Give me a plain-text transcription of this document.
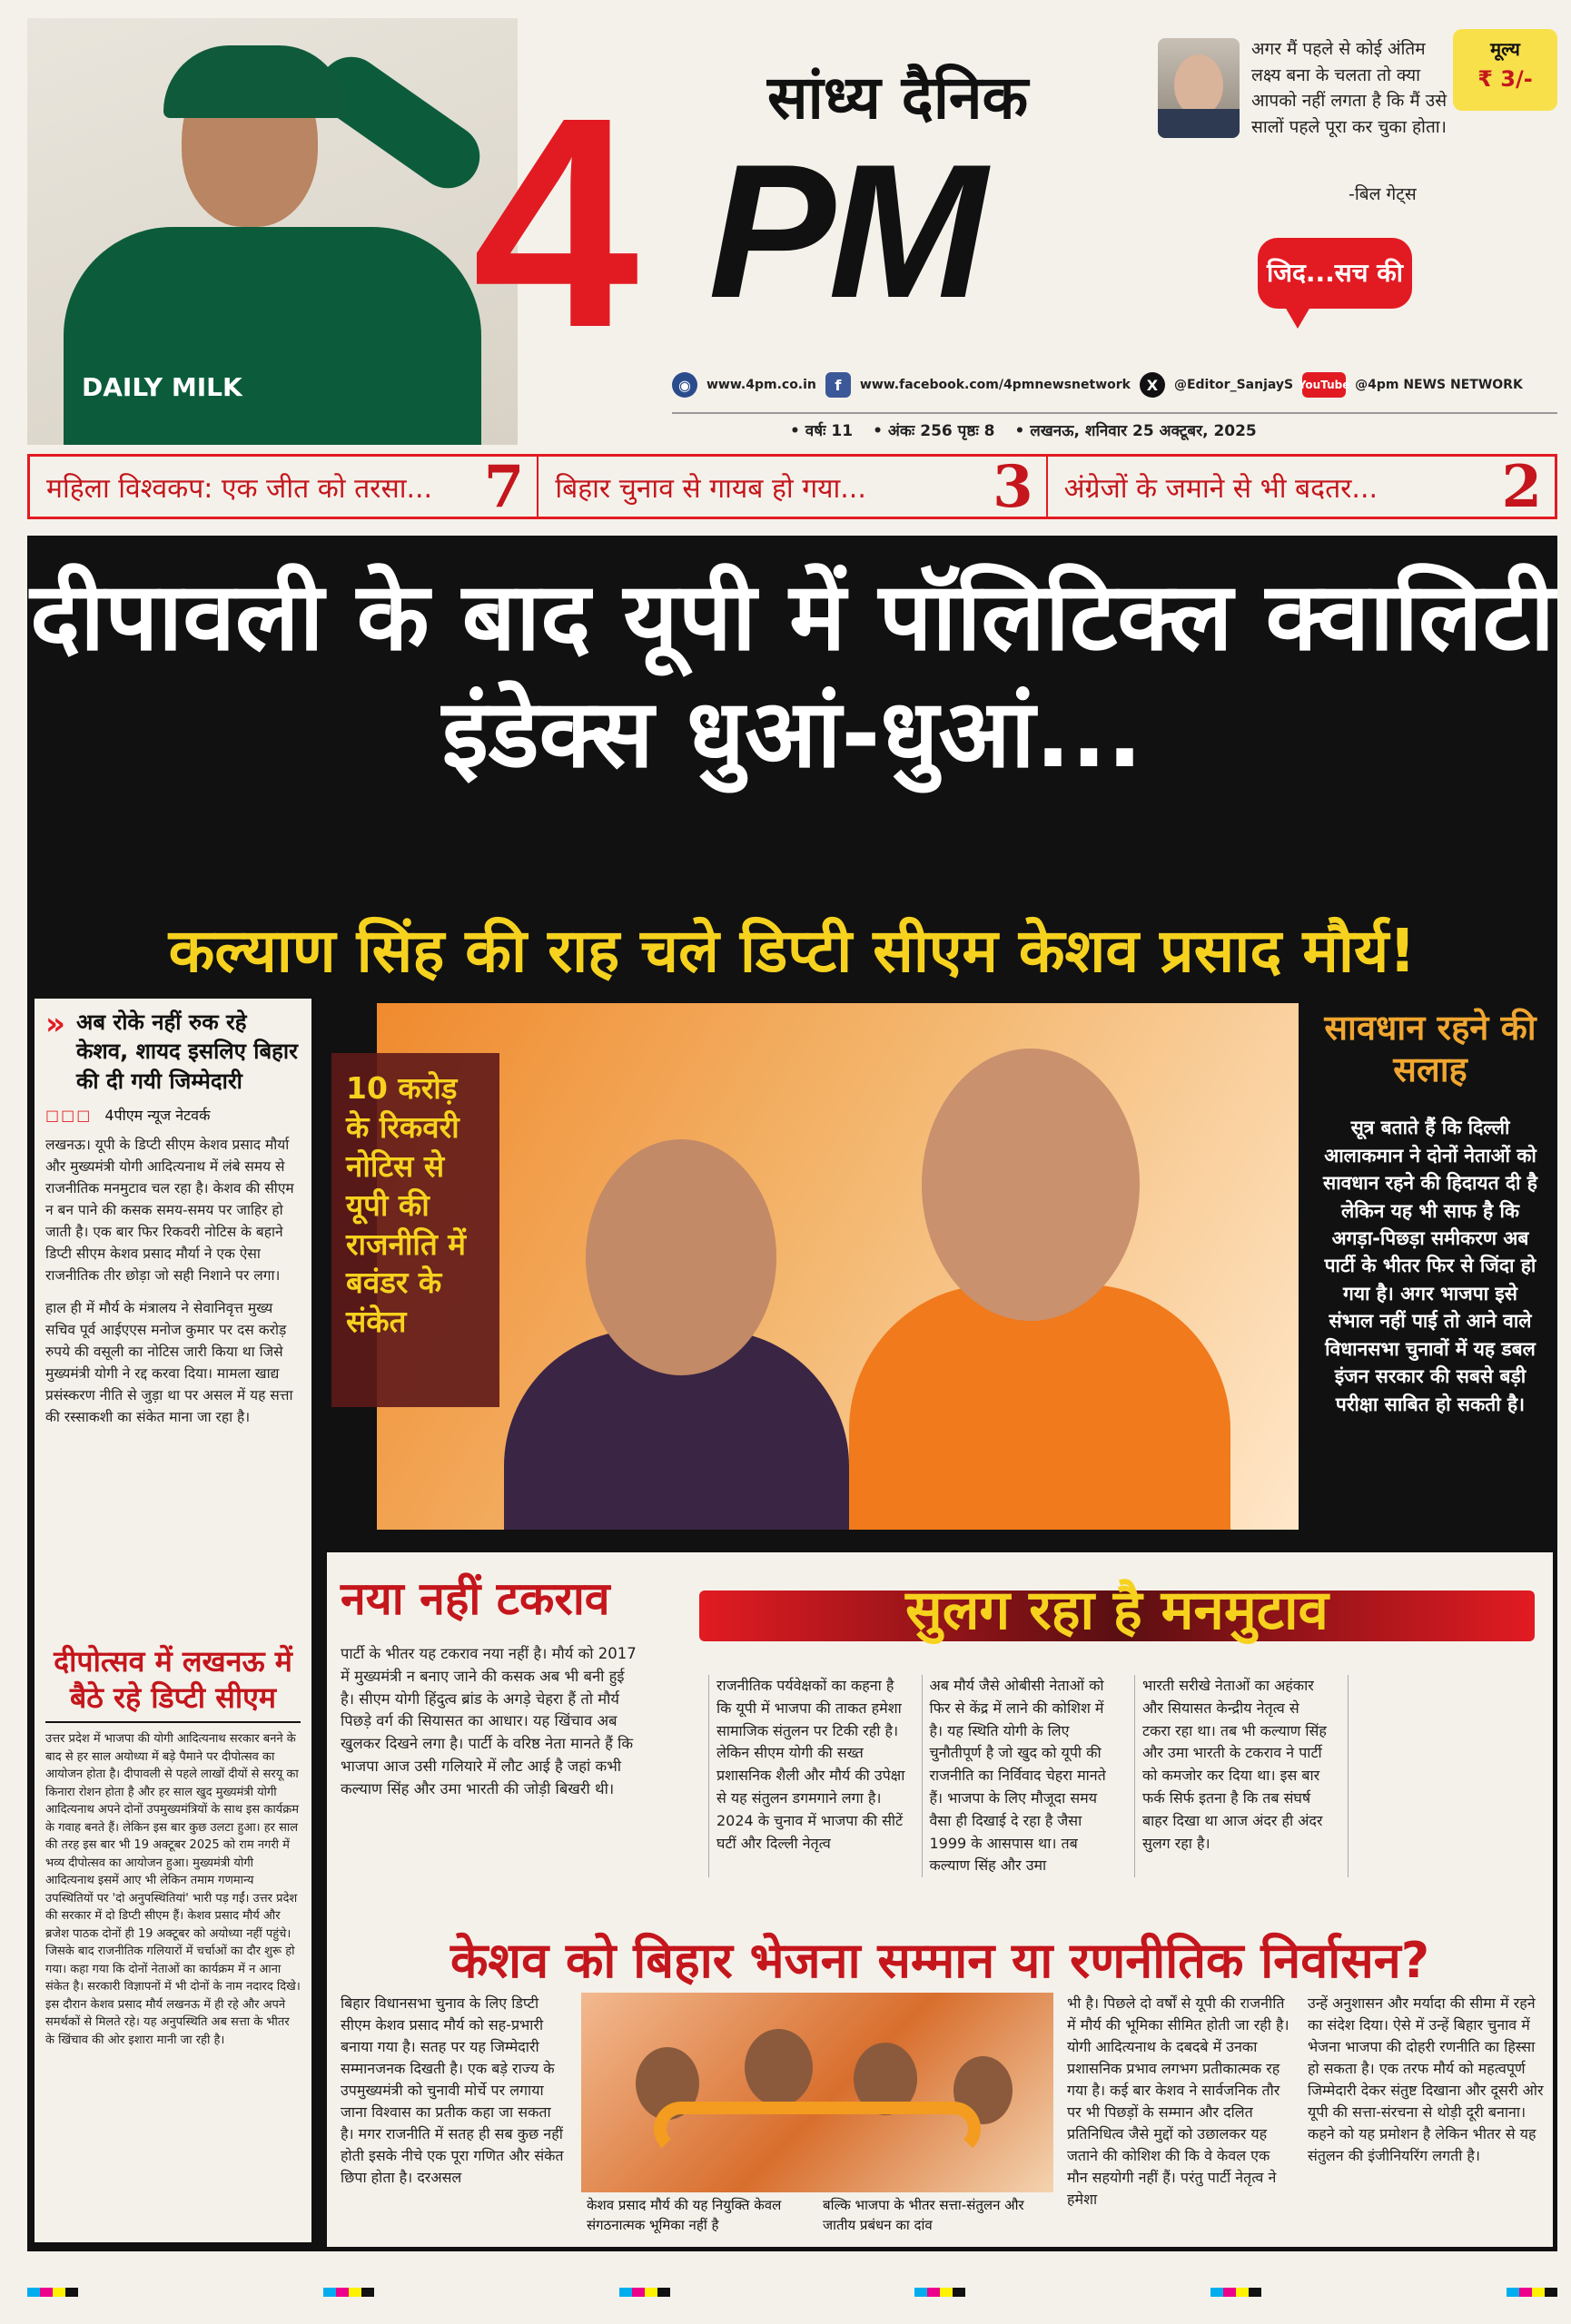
DAILY MILK 4 सांध्य दैनिक
PM
अगर मैं पहले से कोई अंतिम लक्ष्य बना के चलता तो क्या आपको नहीं लगता है कि मैं उसे सालों पहले पूरा कर चुका होता।
-बिल गेट्स
मूल्य
₹ 3/-
जिद...सच की
◉	www.4pm.co.in	f	www.facebook.com/4pmnewsnetwork	X	@Editor_SanjayS YouTube @4pm NEWS NETWORK
• वर्षः 11 • अंकः 256 पृष्ठः 8 • लखनऊ, शनिवार 25 अक्टूबर, 2025
महिला विश्वकप: एक जीत को तरसा... 7	बिहार चुनाव से गायब हो गया... 3	अंग्रेजों के जमाने से भी बदतर... 2
दीपावली के बाद यूपी में पॉलिटिक्ल क्वालिटी इंडेक्स धुआं-धुआं...
कल्याण सिंह की राह चले डिप्टी सीएम केशव प्रसाद मौर्य!
» अब रोके नहीं रुक रहे केशव, शायद इसलिए बिहार की दी गयी जिम्मेदारी
□□□ 4पीएम न्यूज नेटवर्क

लखनऊ। यूपी के डिप्टी सीएम केशव प्रसाद मौर्या और मुख्यमंत्री योगी आदित्यनाथ में लंबे समय से राजनीतिक मनमुटाव चल रहा है। केशव की सीएम न बन पाने की कसक समय-समय पर जाहिर हो जाती है। एक बार फिर रिकवरी नोटिस के बहाने डिप्टी सीएम केशव प्रसाद मौर्या ने एक ऐसा राजनीतिक तीर छोड़ा जो सही निशाने पर लगा।

हाल ही में मौर्य के मंत्रालय ने सेवानिवृत्त मुख्य सचिव पूर्व आईएएस मनोज कुमार पर दस करोड़ रुपये की वसूली का नोटिस जारी किया था जिसे मुख्यमंत्री योगी ने रद्द करवा दिया। मामला खाद्य प्रसंस्करण नीति से जुड़ा था पर असल में यह सत्ता की रस्साकशी का संकेत माना जा रहा है।

दीपोत्सव में लखनऊ में बैठे रहे डिप्टी सीएम

उत्तर प्रदेश में भाजपा की योगी आदित्यनाथ सरकार बनने के बाद से हर साल अयोध्या में बड़े पैमाने पर दीपोत्सव का आयोजन होता है। दीपावली से पहले लाखों दीयों से सरयू का किनारा रोशन होता है और हर साल खुद मुख्यमंत्री योगी आदित्यनाथ अपने दोनों उपमुख्यमंत्रियों के साथ इस कार्यक्रम के गवाह बनते हैं। लेकिन इस बार कुछ उलटा हुआ। हर साल की तरह इस बार भी 19 अक्टूबर 2025 को राम नगरी में भव्य दीपोत्सव का आयोजन हुआ। मुख्यमंत्री योगी आदित्यनाथ इसमें आए भी लेकिन तमाम गणमान्य उपस्थितियों पर 'दो अनुपस्थितियां' भारी पड़ गईं। उत्तर प्रदेश की सरकार में दो डिप्टी सीएम हैं। केशव प्रसाद मौर्य और ब्रजेश पाठक दोनों ही 19 अक्टूबर को अयोध्या नहीं पहुंचे। जिसके बाद राजनीतिक गलियारों में चर्चाओं का दौर शुरू हो गया। कहा गया कि दोनों नेताओं का कार्यक्रम में न आना संकेत है। सरकारी विज्ञापनों में भी दोनों के नाम नदारद दिखे। इस दौरान केशव प्रसाद मौर्य लखनऊ में ही रहे और अपने समर्थकों से मिलते रहे। यह अनुपस्थिति अब सत्ता के भीतर के खिंचाव की ओर इशारा मानी जा रही है।

10 करोड़ के रिकवरी नोटिस से यूपी की राजनीति में बवंडर के संकेत
सावधान रहने की सलाह
सूत्र बताते हैं कि दिल्ली आलाकमान ने दोनों नेताओं को सावधान रहने की हिदायत दी है लेकिन यह भी साफ है कि अगड़ा-पिछड़ा समीकरण अब पार्टी के भीतर फिर से जिंदा हो गया है। अगर भाजपा इसे संभाल नहीं पाई तो आने वाले विधानसभा चुनावों में यह डबल इंजन सरकार की सबसे बड़ी परीक्षा साबित हो सकती है।
नया नहीं टकराव

पार्टी के भीतर यह टकराव नया नहीं है। मौर्य को 2017 में मुख्यमंत्री न बनाए जाने की कसक अब भी बनी हुई है। सीएम योगी हिंदुत्व ब्रांड के अगड़े चेहरा हैं तो मौर्य पिछड़े वर्ग की सियासत का आधार। यह खिंचाव अब खुलकर दिखने लगा है। पार्टी के वरिष्ठ नेता मानते हैं कि भाजपा आज उसी गलियारे में लौट आई है जहां कभी कल्याण सिंह और उमा भारती की जोड़ी बिखरी थी।

सुलग रहा है मनमुटाव

राजनीतिक पर्यवेक्षकों का कहना है कि यूपी में भाजपा की ताकत हमेशा सामाजिक संतुलन पर टिकी रही है। लेकिन सीएम योगी की सख्त प्रशासनिक शैली और मौर्य की उपेक्षा से यह संतुलन डगमगाने लगा है। 2024 के चुनाव में भाजपा की सीटें घटीं और दिल्ली नेतृत्व

अब मौर्य जैसे ओबीसी नेताओं को फिर से केंद्र में लाने की कोशिश में है। यह स्थिति योगी के लिए चुनौतीपूर्ण है जो खुद को यूपी की राजनीति का निर्विवाद चेहरा मानते हैं। भाजपा के लिए मौजूदा समय वैसा ही दिखाई दे रहा है जैसा 1999 के आसपास था। तब कल्याण सिंह और उमा

भारती सरीखे नेताओं का अहंकार और सियासत केन्द्रीय नेतृत्व से टकरा रहा था। तब भी कल्याण सिंह और उमा भारती के टकराव ने पार्टी को कमजोर कर दिया था। इस बार फर्क सिर्फ इतना है कि तब संघर्ष बाहर दिखा था आज अंदर ही अंदर सुलग रहा है।

केशव को बिहार भेजना सम्मान या रणनीतिक निर्वासन?

बिहार विधानसभा चुनाव के लिए डिप्टी सीएम केशव प्रसाद मौर्य को सह-प्रभारी बनाया गया है। सतह पर यह जिम्मेदारी सम्मानजनक दिखती है। एक बड़े राज्य के उपमुख्यमंत्री को चुनावी मोर्चे पर लगाया जाना विश्वास का प्रतीक कहा जा सकता है। मगर राजनीति में सतह ही सब कुछ नहीं होती इसके नीचे एक पूरा गणित और संकेत छिपा होता है। दरअसल

केशव प्रसाद मौर्य की यह नियुक्ति केवल संगठनात्मक भूमिका नहीं है

बल्कि भाजपा के भीतर सत्ता-संतुलन और जातीय प्रबंधन का दांव

भी है। पिछले दो वर्षों से यूपी की राजनीति में मौर्य की भूमिका सीमित होती जा रही है। योगी आदित्यनाथ के दबदबे में उनका प्रशासनिक प्रभाव लगभग प्रतीकात्मक रह गया है। कई बार केशव ने सार्वजनिक तौर पर भी पिछड़ों के सम्मान और दलित प्रतिनिधित्व जैसे मुद्दों को उछालकर यह जताने की कोशिश की कि वे केवल एक मौन सहयोगी नहीं हैं। परंतु पार्टी नेतृत्व ने हमेशा

उन्हें अनुशासन और मर्यादा की सीमा में रहने का संदेश दिया। ऐसे में उन्हें बिहार चुनाव में भेजना भाजपा की दोहरी रणनीति का हिस्सा हो सकता है। एक तरफ मौर्य को महत्वपूर्ण जिम्मेदारी देकर संतुष्ट दिखाना और दूसरी ओर यूपी की सत्ता-संरचना से थोड़ी दूरी बनाना। कहने को यह प्रमोशन है लेकिन भीतर से यह संतुलन की इंजीनियरिंग लगती है।
